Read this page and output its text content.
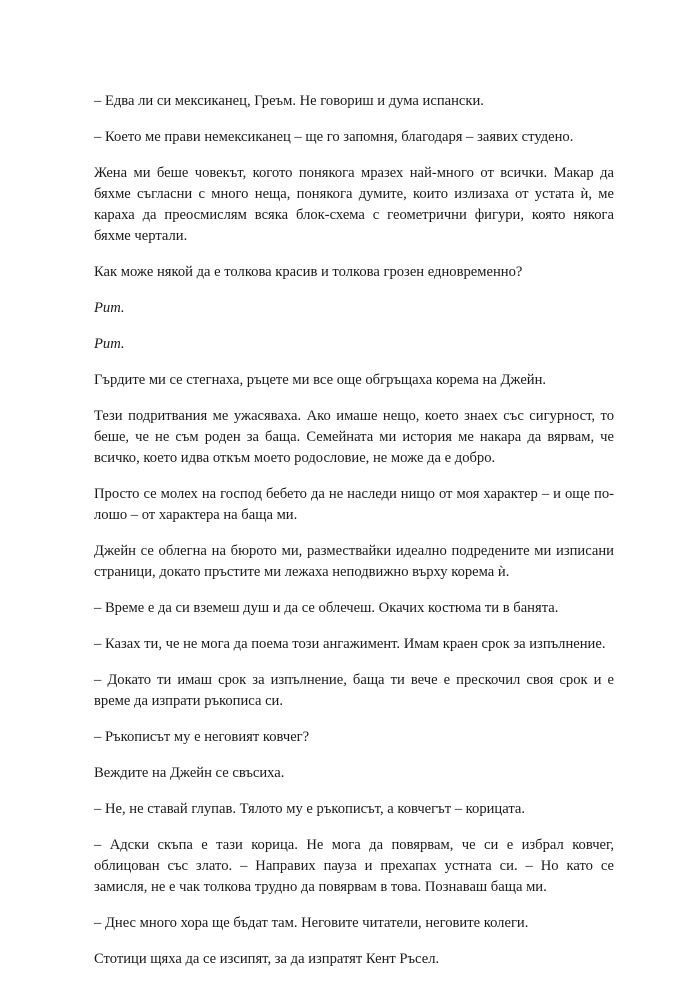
– Едва ли си мексиканец, Греъм. Не говориш и дума испански.

– Което ме прави немексиканец – ще го запомня, благодаря – заявих студено.

Жена ми беше човекът, когото понякога мразех най-много от всички. Макар да бяхме съгласни с много неща, понякога думите, които излизаха от устата ѝ, ме караха да преосмислям всяка блок-схема с геометрични фигури, която някога бяхме чертали.

Как може някой да е толкова красив и толкова грозен едновременно?

Рит.

Рит.

Гърдите ми се стегнаха, ръцете ми все още обгръщаха корема на Джейн.

Тези подритвания ме ужасяваха. Ако имаше нещо, което знаех със сигурност, то беше, че не съм роден за баща. Семейната ми история ме накара да вярвам, че всичко, което идва откъм моето родословие, не може да е добро.

Просто се молех на господ бебето да не наследи нищо от моя характер – и още по-лошо – от характера на баща ми.

Джейн се облегна на бюрото ми, размествайки идеално подредените ми изписани страници, докато пръстите ми лежаха неподвижно върху корема ѝ.

– Време е да си вземеш душ и да се облечеш. Окачих костюма ти в банята.

– Казах ти, че не мога да поема този ангажимент. Имам краен срок за изпълнение.

– Докато ти имаш срок за изпълнение, баща ти вече е прескочил своя срок и е време да изпрати ръкописа си.

– Ръкописът му е неговият ковчег?

Веждите на Джейн се свъсиха.

– Не, не ставай глупав. Тялото му е ръкописът, а ковчегът – корицата.

– Адски скъпа е тази корица. Не мога да повярвам, че си е избрал ковчег, облицован със злато. – Направих пауза и прехапах устната си. – Но като се замисля, не е чак толкова трудно да повярвам в това. Познаваш баща ми.

– Днес много хора ще бъдат там. Неговите читатели, неговите колеги.

Стотици щяха да се изсипят, за да изпратят Кент Ръсел.
